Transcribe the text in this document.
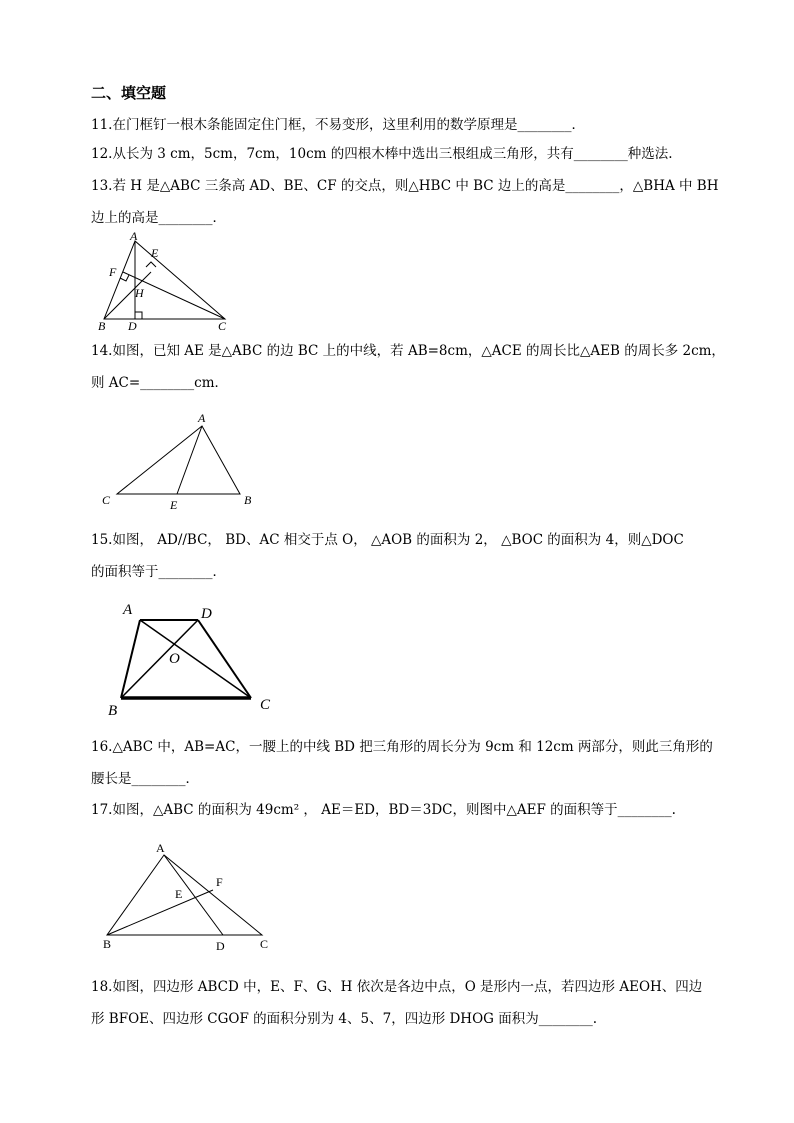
二、填空题
11.在门框钉一根木条能固定住门框，不易变形，这里利用的数学原理是________．
12.从长为 3 cm，5cm，7cm，10cm 的四根木棒中选出三根组成三角形，共有________种选法.
13.若 H 是△ABC 三条高 AD、BE、CF 的交点，则△HBC 中 BC 边上的高是________，△BHA 中 BH
边上的高是________．
A
E
F
H
B D	C
14.如图，已知 AE 是△ABC 的边 BC 上的中线，若 AB=8cm，△ACE 的周长比△AEB 的周长多 2cm，
则 AC=________cm．
A
C	E	B
15.如图， AD//BC， BD、AC 相交于点 O， △AOB 的面积为 2， △BOC 的面积为 4，则△DOC
的面积等于________．
A	D
O
B	C
16.△ABC 中，AB=AC，一腰上的中线 BD 把三角形的周长分为 9cm 和 12cm 两部分，则此三角形的
腰长是________．
17.如图，△ABC 的面积为 49cm² ， AE＝ED，BD＝3DC，则图中△AEF 的面积等于________.
A
F
E
B	D	C
18.如图，四边形 ABCD 中，E、F、G、H 依次是各边中点，O 是形内一点，若四边形 AEOH、四边
形 BFOE、四边形 CGOF 的面积分别为 4、5、7，四边形 DHOG 面积为________.
